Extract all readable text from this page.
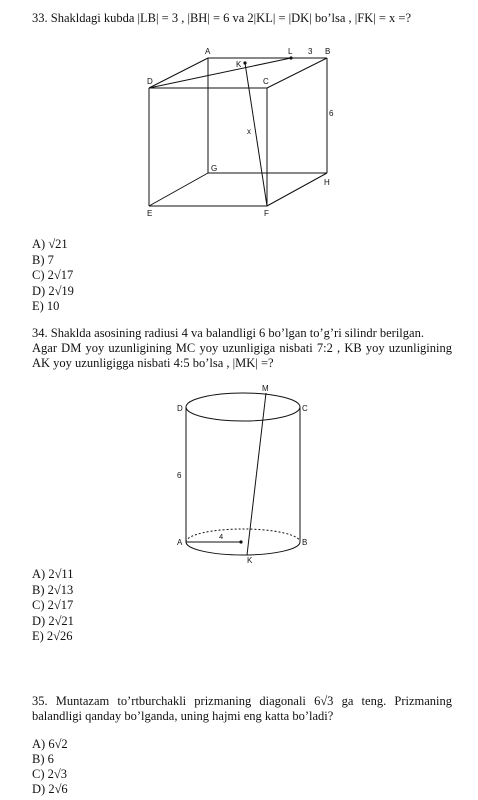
33. Shakldagi kubda |LB| = 3 , |BH| = 6 va 2|KL| = |DK| bo’lsa , |FK| = x =?
A	L 3 B
D
K
C
6
x
G
H
E	F
M
D	C
6
4
A	B
K
A) √21
B) 7
C) 2√17
D) 2√19
E) 10
34. Shaklda asosining radiusi 4 va balandligi 6 bo’lgan to’g’ri silindr berilgan.
Agar DM yoy uzunligining MC yoy uzunligiga nisbati 7:2 , KB yoy uzunligining AK yoy uzunligigga nisbati 4:5 bo’lsa , |MK| =?
A) 2√11
B) 2√13
C) 2√17
D) 2√21
E) 2√26
35. Muntazam to’rtburchakli prizmaning diagonali 6√3 ga teng. Prizmaning balandligi qanday bo’lganda, uning hajmi eng katta bo’ladi?
A) 6√2
B) 6
C) 2√3
D) 2√6
